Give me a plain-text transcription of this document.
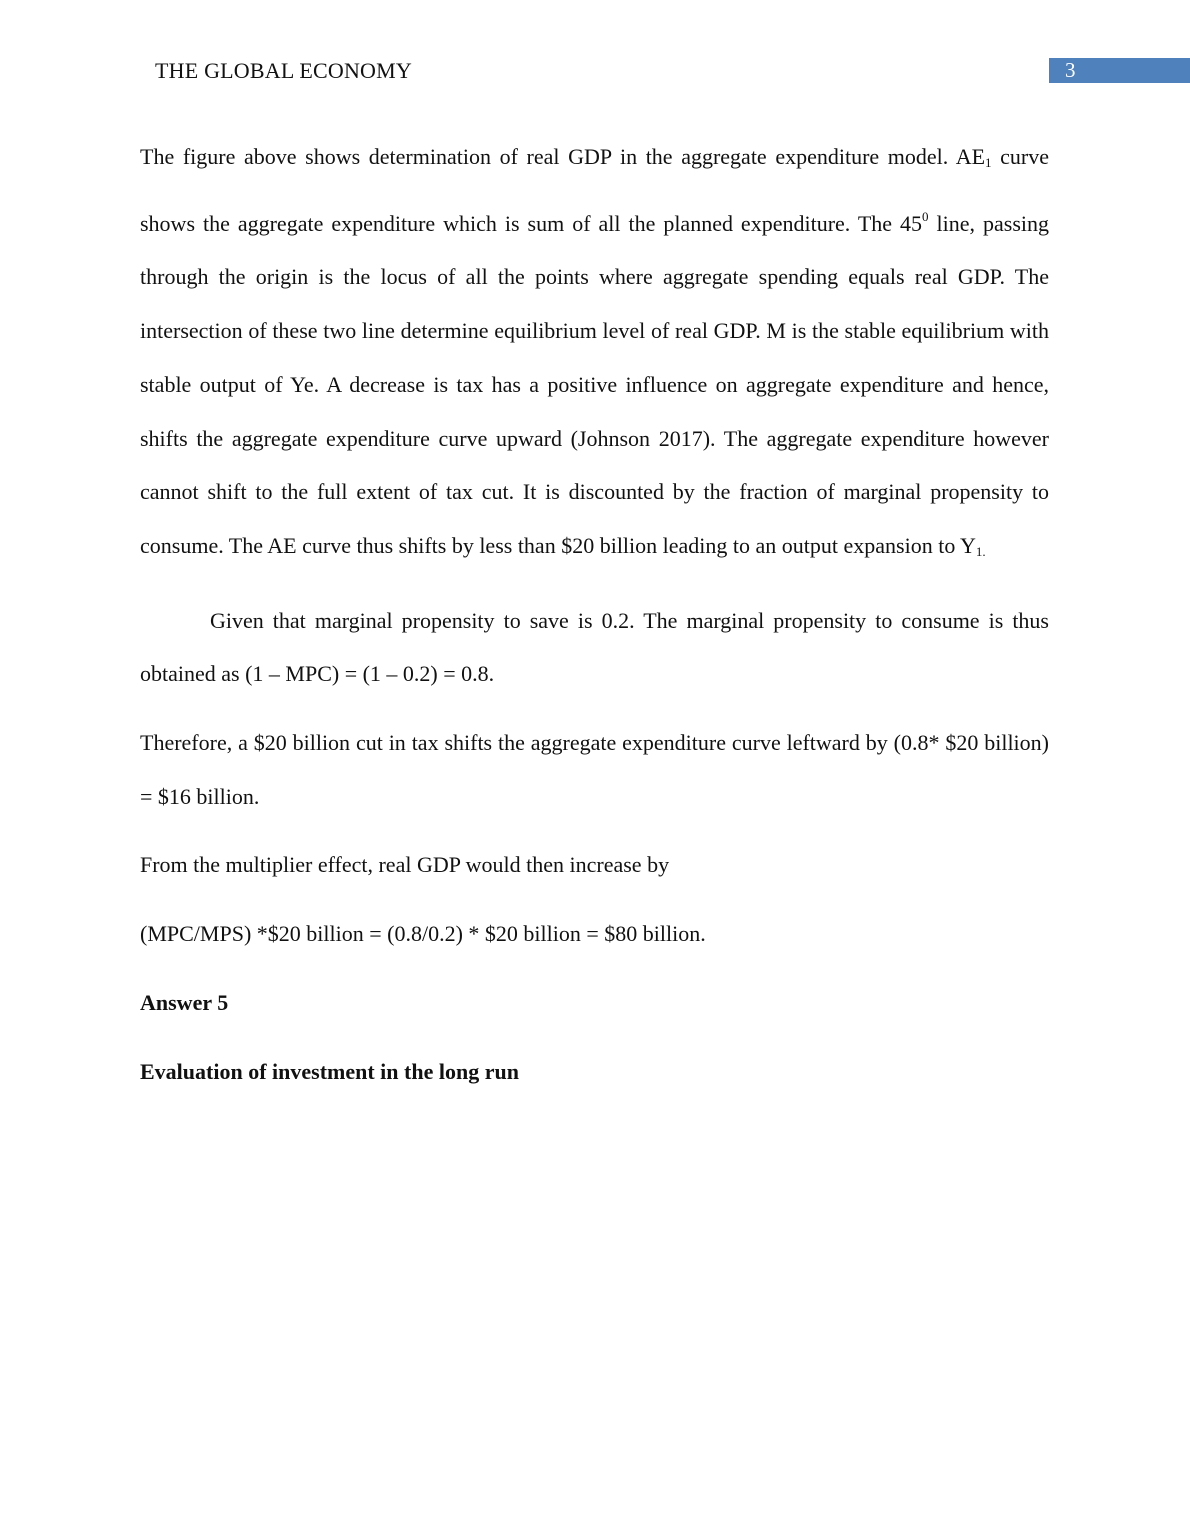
THE GLOBAL ECONOMY	3

The figure above shows determination of real GDP in the aggregate expenditure model. $AE_1$ curve shows the aggregate expenditure which is sum of all the planned expenditure. The $45^0$ line, passing through the origin is the locus of all the points where aggregate spending equals real GDP. The intersection of these two line determine equilibrium level of real GDP. M is the stable equilibrium with stable output of Ye. A decrease is tax has a positive influence on aggregate expenditure and hence, shifts the aggregate expenditure curve upward (Johnson 2017). The aggregate expenditure however cannot shift to the full extent of tax cut. It is discounted by the fraction of marginal propensity to consume. The AE curve thus shifts by less than $20 billion leading to an output expansion to $Y_{1.}$

Given that marginal propensity to save is 0.2. The marginal propensity to consume is thus obtained as (1 – MPC) = (1 – 0.2) = 0.8.

Therefore, a $20 billion cut in tax shifts the aggregate expenditure curve leftward by (0.8* $20 billion) = $16 billion.

From the multiplier effect, real GDP would then increase by

(MPC/MPS) *$20 billion = (0.8/0.2) * $20 billion = $80 billion.

Answer 5

Evaluation of investment in the long run
